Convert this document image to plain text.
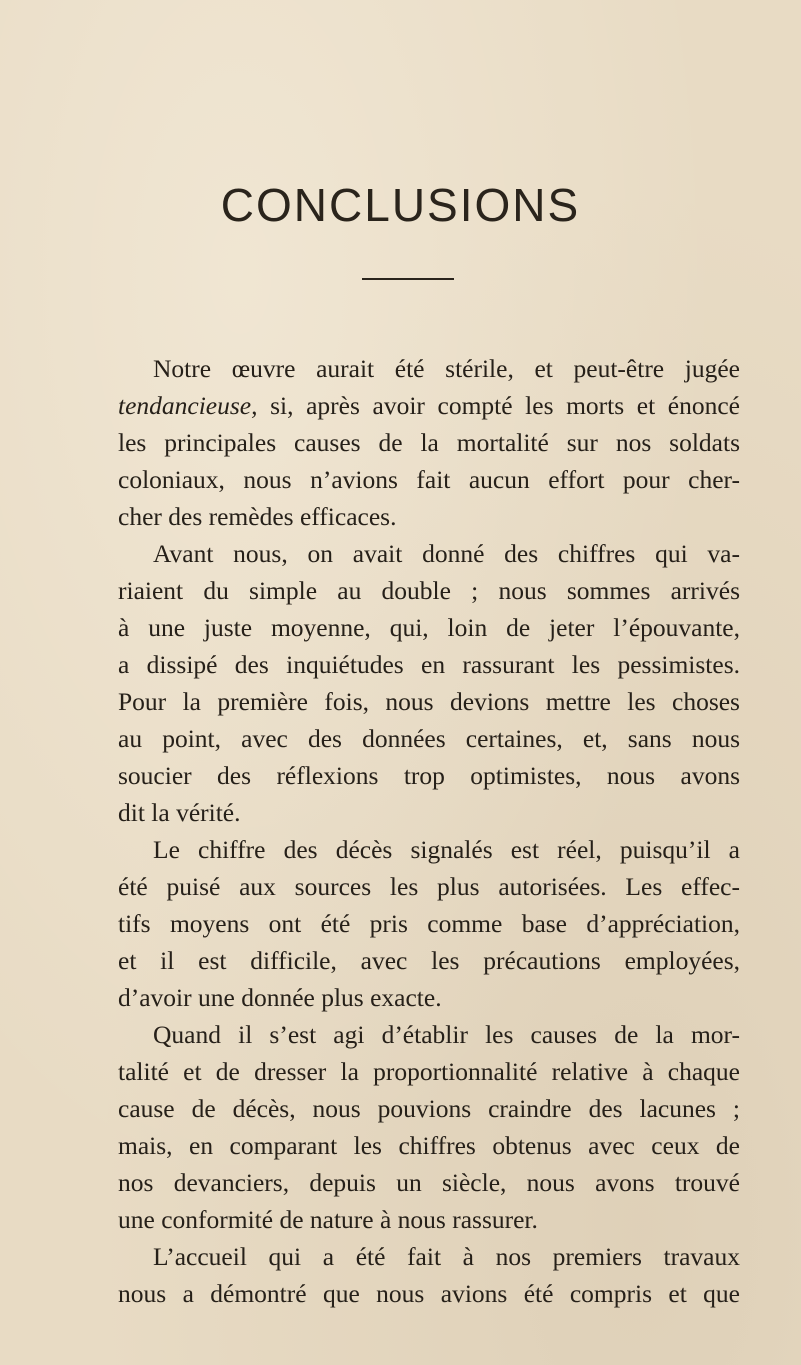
CONCLUSIONS
Notre œuvre aurait été stérile, et peut-être jugée
tendancieuse, si, après avoir compté les morts et énoncé
les principales causes de la mortalité sur nos soldats
coloniaux, nous n’avions fait aucun effort pour cher-
cher des remèdes efficaces.
Avant nous, on avait donné des chiffres qui va-
riaient du simple au double ; nous sommes arrivés
à une juste moyenne, qui, loin de jeter l’épouvante,
a dissipé des inquiétudes en rassurant les pessimistes.
Pour la première fois, nous devions mettre les choses
au point, avec des données certaines, et, sans nous
soucier des réflexions trop optimistes, nous avons
dit la vérité.
Le chiffre des décès signalés est réel, puisqu’il a
été puisé aux sources les plus autorisées. Les effec-
tifs moyens ont été pris comme base d’appréciation,
et il est difficile, avec les précautions employées,
d’avoir une donnée plus exacte.
Quand il s’est agi d’établir les causes de la mor-
talité et de dresser la proportionnalité relative à chaque
cause de décès, nous pouvions craindre des lacunes ;
mais, en comparant les chiffres obtenus avec ceux de
nos devanciers, depuis un siècle, nous avons trouvé
une conformité de nature à nous rassurer.
L’accueil qui a été fait à nos premiers travaux
nous a démontré que nous avions été compris et que
